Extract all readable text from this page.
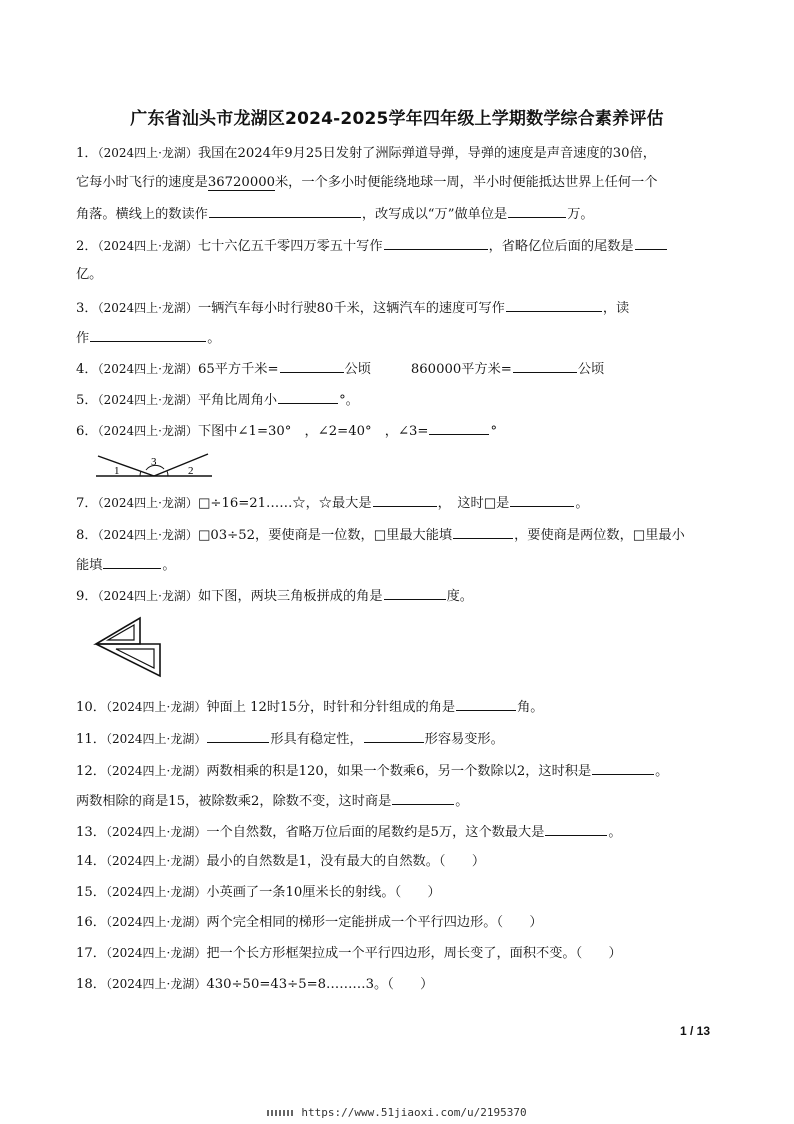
广东省汕头市龙湖区2024-2025学年四年级上学期数学综合素养评估
1．（2024四上·龙湖）我国在2024年9月25日发射了洲际弹道导弹，导弹的速度是声音速度的30倍，
它每小时飞行的速度是36720000米，一个多小时便能绕地球一周，半小时便能抵达世界上任何一个
角落。横线上的数读作	，改写成以“万”做单位是	万。
2．（2024四上·龙湖）七十六亿五千零四万零五十写作	，省略亿位后面的尾数是
亿。
3．（2024四上·龙湖）一辆汽车每小时行驶80千米，这辆汽车的速度可写作	，读
作	。
4．（2024四上·龙湖）65平方千米=	公顷	860000平方米=	公顷
5．（2024四上·龙湖）平角比周角小	°。
6．（2024四上·龙湖）下图中∠1=30°　，∠2=40°　，∠3=	°
1
3
2
7．（2024四上·龙湖）□÷16=21……☆，☆最大是	，　这时□是	。
8．（2024四上·龙湖）□03÷52，要使商是一位数，□里最大能填	，要使商是两位数，□里最小
能填	。
9．（2024四上·龙湖）如下图，两块三角板拼成的角是	度。
10．（2024四上·龙湖）钟面上 12时15分，时针和分针组成的角是	角。
11．（2024四上·龙湖）	形具有稳定性，	形容易变形。
12．（2024四上·龙湖）两数相乘的积是120，如果一个数乘6，另一个数除以2，这时积是	。
两数相除的商是15，被除数乘2，除数不变，这时商是	。
13．（2024四上·龙湖）一个自然数，省略万位后面的尾数约是5万，这个数最大是	。
14．（2024四上·龙湖）最小的自然数是1，没有最大的自然数。（　　）
15．（2024四上·龙湖）小英画了一条10厘米长的射线。（　　）
16．（2024四上·龙湖）两个完全相同的梯形一定能拼成一个平行四边形。（　　）
17．（2024四上·龙湖）把一个长方形框架拉成一个平行四边形，周长变了，面积不变。（　　）
18．（2024四上·龙湖）430÷50=43÷5=8………3。（　　）
1 / 13
https://www.51jiaoxi.com/u/2195370
